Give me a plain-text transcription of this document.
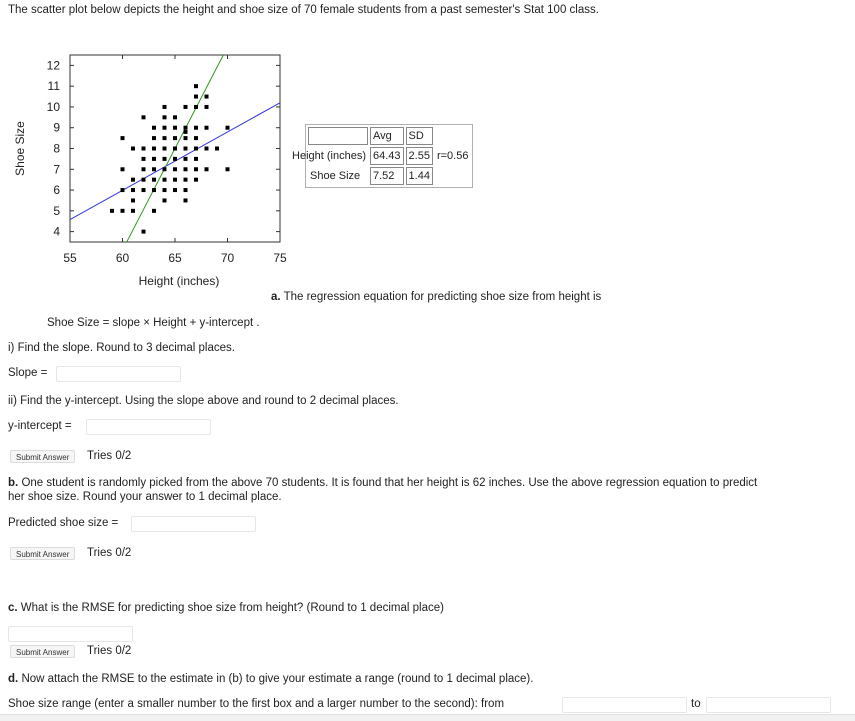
The scatter plot below depicts the height and shoe size of 70 female students from a past semester's Stat 100 class.
55	60	65	70	75
4
5
6
7
8
9
10
11
12
Height (inches)
Shoe Size
		Avg	SD	
Height (inches)	64.43	2.55	r=0.56
Shoe Size	7.52	1.44	
a. The regression equation for predicting shoe size from height is
Shoe Size = slope × Height + y-intercept .
i) Find the slope. Round to 3 decimal places.
Slope =
ii) Find the y-intercept. Using the slope above and round to 2 decimal places.
y-intercept =
Submit Answer	Tries 0/2
b. One student is randomly picked from the above 70 students. It is found that her height is 62 inches. Use the above regression equation to predict
her shoe size. Round your answer to 1 decimal place.
Predicted shoe size =
Submit Answer	Tries 0/2
c. What is the RMSE for predicting shoe size from height? (Round to 1 decimal place)
Submit Answer	Tries 0/2
d. Now attach the RMSE to the estimate in (b) to give your estimate a range (round to 1 decimal place).
Shoe size range (enter a smaller number to the first box and a larger number to the second): from	to
